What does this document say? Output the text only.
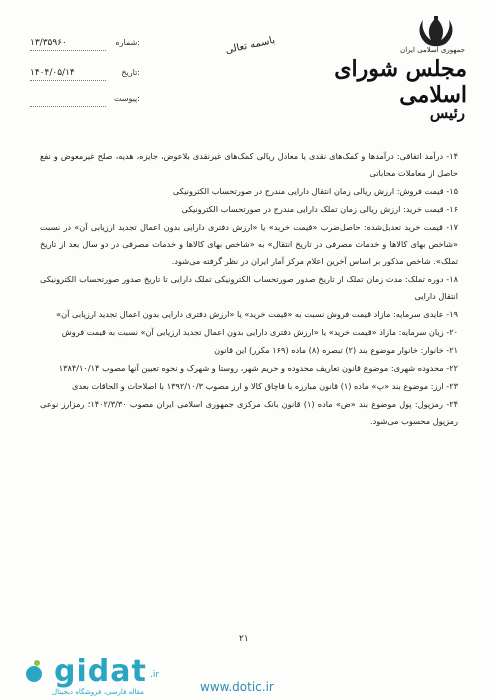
جمهوری اسلامی ایران
مجلس شورای اسلامی
رئیس
باسمه تعالی
۱۳/۳۵۹۶۰	شماره:
۱۴۰۴/۰۵/۱۴	تاریخ:
پیوست:

۱۴- درآمد اتفاقی: درآمدها و کمک‌های نقدی یا معادل ریالی کمک‌های غیرنقدی بلاعوض، جایزه، هدیه، صلح غیرمعوض و نفع حاصل از معاملات محاباتی

۱۵- قیمت فروش: ارزش ریالی زمان انتقال دارایی مندرج در صورتحساب الکترونیکی

۱۶- قیمت خرید: ارزش ریالی زمان تملک دارایی مندرج در صورتحساب الکترونیکی

۱۷- قیمت خرید تعدیل‌شده: حاصل‌ضرب «قیمت خرید» یا «ارزش دفتری دارایی بدون اعمال تجدید ارزیابی آن» در نسبت «شاخص بهای کالاها و خدمات مصرفی در تاریخ انتقال» به «شاخص بهای کالاها و خدمات مصرفی در دو سال بعد از تاریخ تملک». شاخص مذکور بر اساس آخرین اعلام مرکز آمار ایران در نظر گرفته می‌شود.

۱۸- دوره تملک: مدت زمان تملک از تاریخ صدور صورتحساب الکترونیکی تملک دارایی تا تاریخ صدور صورتحساب الکترونیکی انتقال دارایی

۱۹- عایدی سرمایه: مازاد قیمت فروش نسبت به «قیمت خرید» یا «ارزش دفتری دارایی بدون اعمال تجدید ارزیابی آن»

۲۰- زیان سرمایه: مازاد «قیمت خرید» یا «ارزش دفتری دارایی بدون اعمال تجدید ارزیابی آن» نسبت به قیمت فروش

۲۱- خانوار: خانوار موضوع بند (۲) تبصره (۸) ماده (۱۶۹ مکرر) این قانون

۲۲- محدوده شهری: موضوع قانون تعاریف محدوده و حریم شهر، روستا و شهرک و نحوه تعیین آنها مصوب ۱۳۸۴/۱۰/۱۴

۲۳- ارز: موضوع بند «پ» ماده (۱) قانون مبارزه با قاچاق کالا و ارز مصوب ۱۳۹۲/۱۰/۳ با اصلاحات و الحاقات بعدی

۲۴- رمزپول: پول موضوع بند «ض» ماده (۱) قانون بانک مرکزی جمهوری اسلامی ایران مصوب ۱۴۰۲/۳/۳۰؛ رمزارز نوعی رمزپول محسوب می‌شود.

۲۱
gidat .ir
مقاله فارسی، فروشگاه دیجیتال	www.dotic.ir
